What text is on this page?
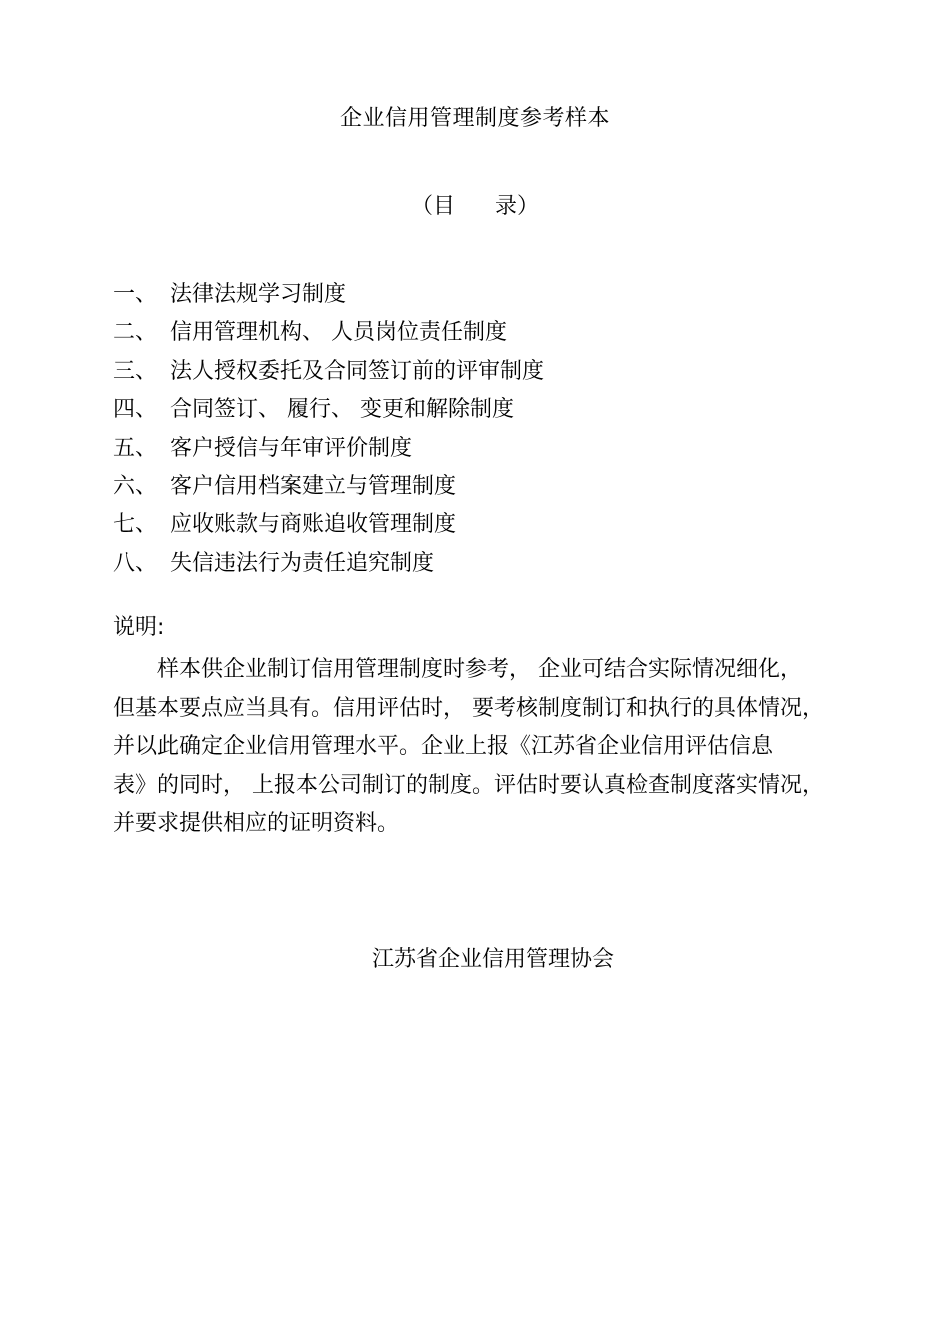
企业信用管理制度参考样本
（目 录）
一、 法律法规学习制度
二、 信用管理机构、 人员岗位责任制度
三、 法人授权委托及合同签订前的评审制度
四、 合同签订、 履行、 变更和解除制度
五、 客户授信与年审评价制度
六、 客户信用档案建立与管理制度
七、 应收账款与商账追收管理制度
八、 失信违法行为责任追究制度
说明:
　　样本供企业制订信用管理制度时参考， 企业可结合实际情况细化，
但基本要点应当具有。信用评估时， 要考核制度制订和执行的具体情况，
并以此确定企业信用管理水平。企业上报《江苏省企业信用评估信息
表》的同时， 上报本公司制订的制度。评估时要认真检查制度落实情况，
并要求提供相应的证明资料。
江苏省企业信用管理协会
